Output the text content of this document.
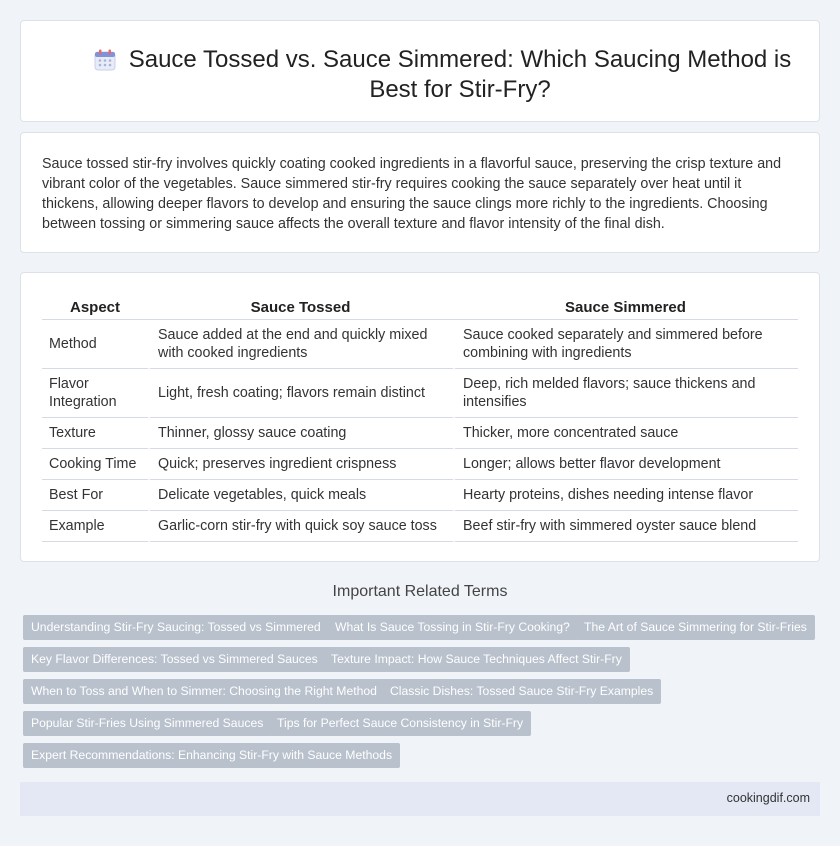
Sauce Tossed vs. Sauce Simmered: Which Saucing Method is Best for Stir-Fry?

Sauce tossed stir-fry involves quickly coating cooked ingredients in a flavorful sauce, preserving the crisp texture and vibrant color of the vegetables. Sauce simmered stir-fry requires cooking the sauce separately over heat until it thickens, allowing deeper flavors to develop and ensuring the sauce clings more richly to the ingredients. Choosing between tossing or simmering sauce affects the overall texture and flavor intensity of the final dish.

Aspect	Sauce Tossed	Sauce Simmered
Method	Sauce added at the end and quickly mixed with cooked ingredients	Sauce cooked separately and simmered before combining with ingredients
Flavor Integration	Light, fresh coating; flavors remain distinct	Deep, rich melded flavors; sauce thickens and intensifies
Texture	Thinner, glossy sauce coating	Thicker, more concentrated sauce
Cooking Time	Quick; preserves ingredient crispness	Longer; allows better flavor development
Best For	Delicate vegetables, quick meals	Hearty proteins, dishes needing intense flavor
Example	Garlic-corn stir-fry with quick soy sauce toss	Beef stir-fry with simmered oyster sauce blend
Important Related Terms
Understanding Stir-Fry Saucing: Tossed vs Simmered	What Is Sauce Tossing in Stir-Fry Cooking?	The Art of Sauce Simmering for Stir-Fries
Key Flavor Differences: Tossed vs Simmered Sauces	Texture Impact: How Sauce Techniques Affect Stir-Fry
When to Toss and When to Simmer: Choosing the Right Method	Classic Dishes: Tossed Sauce Stir-Fry Examples
Popular Stir-Fries Using Simmered Sauces	Tips for Perfect Sauce Consistency in Stir-Fry
Expert Recommendations: Enhancing Stir-Fry with Sauce Methods
cookingdif.com
